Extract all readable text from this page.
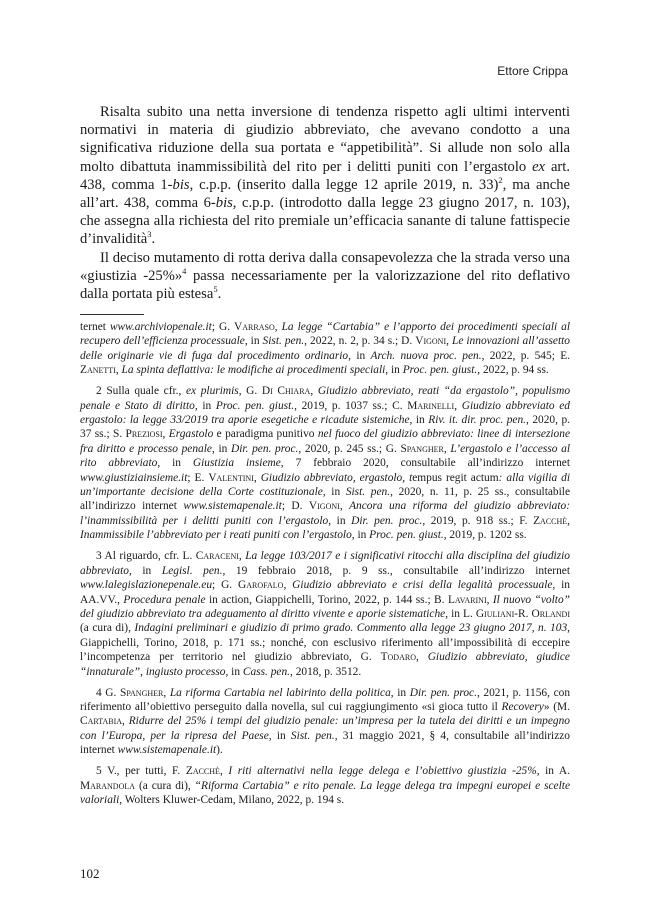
Ettore Crippa

Risalta subito una netta inversione di tendenza rispetto agli ultimi interventi normativi in materia di giudizio abbreviato, che avevano condotto a una significativa riduzione della sua portata e “appetibilità”. Si allude non solo alla molto dibattuta inammissibilità del rito per i delitti puniti con l’ergastolo ex art. 438, comma 1-bis, c.p.p. (inserito dalla legge 12 aprile 2019, n. 33)$^2$, ma anche all’art. 438, comma 6-bis, c.p.p. (introdotto dalla legge 23 giugno 2017, n. 103), che assegna alla richiesta del rito premiale un’efficacia sanante di talune fattispecie d’invalidità$^3$.

Il deciso mutamento di rotta deriva dalla consapevolezza che la strada verso una «giustizia -25%»$^4$ passa necessariamente per la valorizzazione del rito deflativo dalla portata più estesa$^5$.

ternet www.archiviopenale.it; G. Varraso, La legge “Cartabia” e l’apporto dei procedimenti speciali al recupero dell’efficienza processuale, in Sist. pen., 2022, n. 2, p. 34 s.; D. Vigoni, Le innovazioni all’assetto delle originarie vie di fuga dal procedimento ordinario, in Arch. nuova proc. pen., 2022, p. 545; E. Zanetti, La spinta deflattiva: le modifiche ai procedimenti speciali, in Proc. pen. giust., 2022, p. 94 ss.

2 Sulla quale cfr., ex plurimis, G. Di Chiara, Giudizio abbreviato, reati “da ergastolo”, populismo penale e Stato di diritto, in Proc. pen. giust., 2019, p. 1037 ss.; C. Marinelli, Giudizio abbreviato ed ergastolo: la legge 33/2019 tra aporie esegetiche e ricadute sistemiche, in Riv. it. dir. proc. pen., 2020, p. 37 ss.; S. Preziosi, Ergastolo e paradigma punitivo nel fuoco del giudizio abbreviato: linee di intersezione fra diritto e processo penale, in Dir. pen. proc., 2020, p. 245 ss.; G. Spangher, L’ergastolo e l’accesso al rito abbreviato, in Giustizia insieme, 7 febbraio 2020, consultabile all’indirizzo internet www.giustiziainsieme.it; E. Valentini, Giudizio abbreviato, ergastolo, tempus regit actum: alla vigilia di un’importante decisione della Corte costituzionale, in Sist. pen., 2020, n. 11, p. 25 ss., consultabile all’indirizzo internet www.sistemapenale.it; D. Vigoni, Ancora una riforma del giudizio abbreviato: l’inammissibilità per i delitti puniti con l’ergastolo, in Dir. pen. proc., 2019, p. 918 ss.; F. Zacchè, Inammissibile l’abbreviato per i reati puniti con l’ergastolo, in Proc. pen. giust., 2019, p. 1202 ss.

3 Al riguardo, cfr. L. Caraceni, La legge 103/2017 e i significativi ritocchi alla disciplina del giudizio abbreviato, in Legisl. pen., 19 febbraio 2018, p. 9 ss., consultabile all’indirizzo internet www.lalegislazionepenale.eu; G. Garofalo, Giudizio abbreviato e crisi della legalità processuale, in AA.VV., Procedura penale in action, Giappichelli, Torino, 2022, p. 144 ss.; B. Lavarini, Il nuovo “volto” del giudizio abbreviato tra adeguamento al diritto vivente e aporie sistematiche, in L. Giuliani-R. Orlandi (a cura di), Indagini preliminari e giudizio di primo grado. Commento alla legge 23 giugno 2017, n. 103, Giappichelli, Torino, 2018, p. 171 ss.; nonché, con esclusivo riferimento all’impossibilità di eccepire l’incompetenza per territorio nel giudizio abbreviato, G. Todaro, Giudizio abbreviato, giudice “innaturale”, ingiusto processo, in Cass. pen., 2018, p. 3512.

4 G. Spangher, La riforma Cartabia nel labirinto della politica, in Dir. pen. proc., 2021, p. 1156, con riferimento all’obiettivo perseguito dalla novella, sul cui raggiungimento «si gioca tutto il Recovery» (M. Cartabia, Ridurre del 25% i tempi del giudizio penale: un’impresa per la tutela dei diritti e un impegno con l’Europa, per la ripresa del Paese, in Sist. pen., 31 maggio 2021, § 4, consultabile all’indirizzo internet www.sistemapenale.it).

5 V., per tutti, F. Zacchè, I riti alternativi nella legge delega e l’obiettivo giustizia -25%, in A. Marandola (a cura di), “Riforma Cartabia” e rito penale. La legge delega tra impegni europei e scelte valoriali, Wolters Kluwer-Cedam, Milano, 2022, p. 194 s.

102
